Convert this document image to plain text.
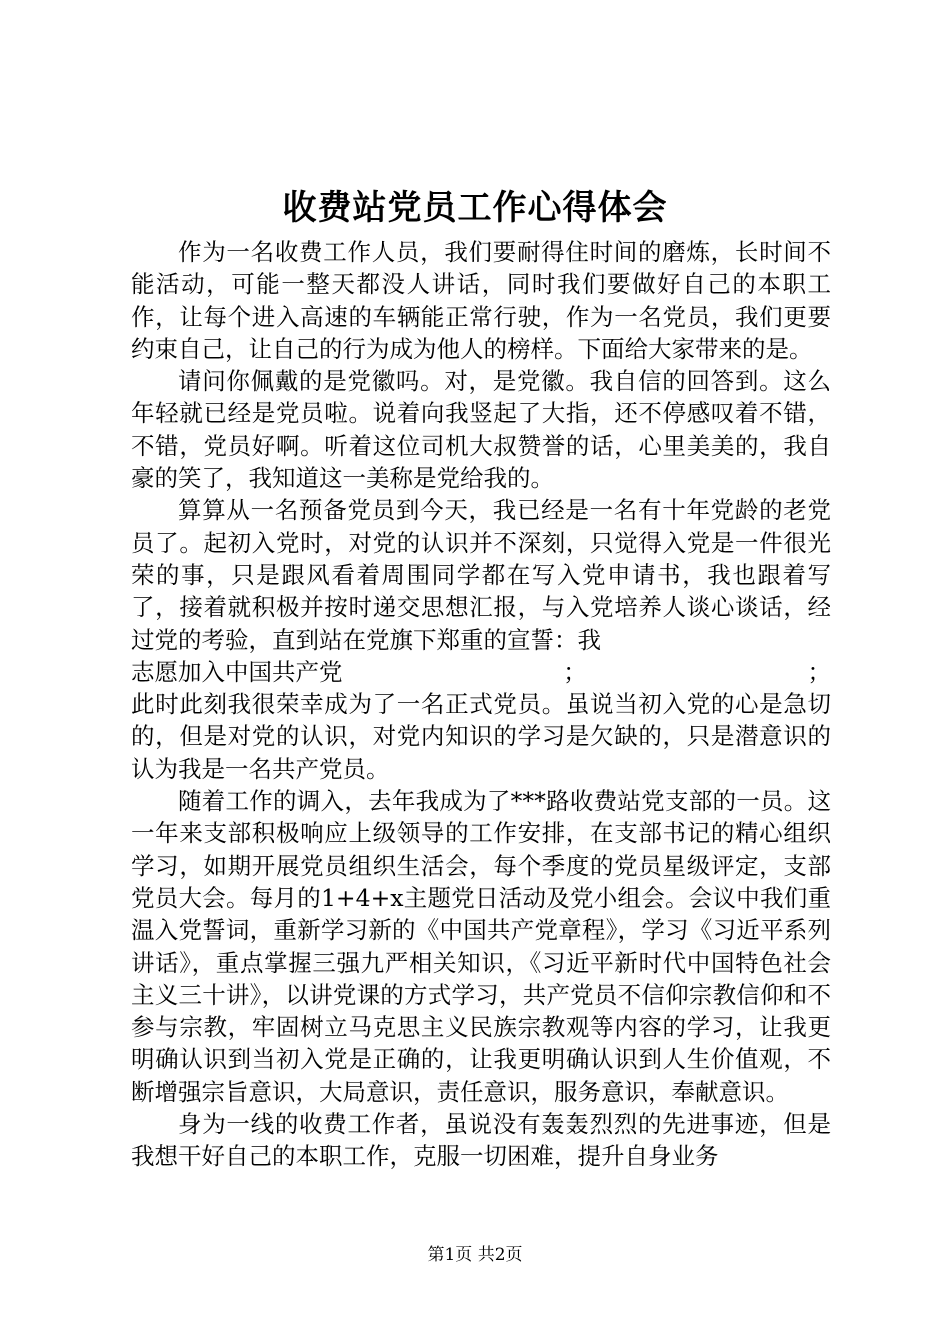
收费站党员工作心得体会

作为一名收费工作人员，我们要耐得住时间的磨炼，长时间不能活动，可能一整天都没人讲话，同时我们要做好自己的本职工作，让每个进入高速的车辆能正常行驶，作为一名党员，我们更要约束自己，让自己的行为成为他人的榜样。下面给大家带来的是。

请问你佩戴的是党徽吗。对，是党徽。我自信的回答到。这么年轻就已经是党员啦。说着向我竖起了大指，还不停感叹着不错，不错，党员好啊。听着这位司机大叔赞誉的话，心里美美的，我自豪的笑了，我知道这一美称是党给我的。

算算从一名预备党员到今天，我已经是一名有十年党龄的老党员了。起初入党时，对党的认识并不深刻，只觉得入党是一件很光荣的事，只是跟风看着周围同学都在写入党申请书，我也跟着写了，接着就积极并按时递交思想汇报，与入党培养人谈心谈话，经过党的考验，直到站在党旗下郑重的宣誓：我

志愿加入中国共产党	；	；

此时此刻我很荣幸成为了一名正式党员。虽说当初入党的心是急切的，但是对党的认识，对党内知识的学习是欠缺的，只是潜意识的认为我是一名共产党员。

随着工作的调入，去年我成为了***路收费站党支部的一员。这一年来支部积极响应上级领导的工作安排，在支部书记的精心组织学习，如期开展党员组织生活会，每个季度的党员星级评定，支部党员大会。每月的1+4+x主题党日活动及党小组会。会议中我们重温入党誓词，重新学习新的《中国共产党章程》，学习《习近平系列讲话》，重点掌握三强九严相关知识，《习近平新时代中国特色社会主义三十讲》，以讲党课的方式学习，共产党员不信仰宗教信仰和不参与宗教，牢固树立马克思主义民族宗教观等内容的学习，让我更明确认识到当初入党是正确的，让我更明确认识到人生价值观，不断增强宗旨意识，大局意识，责任意识，服务意识，奉献意识。

身为一线的收费工作者，虽说没有轰轰烈烈的先进事迹，但是我想干好自己的本职工作，克服一切困难，提升自身业务

第1页 共2页
